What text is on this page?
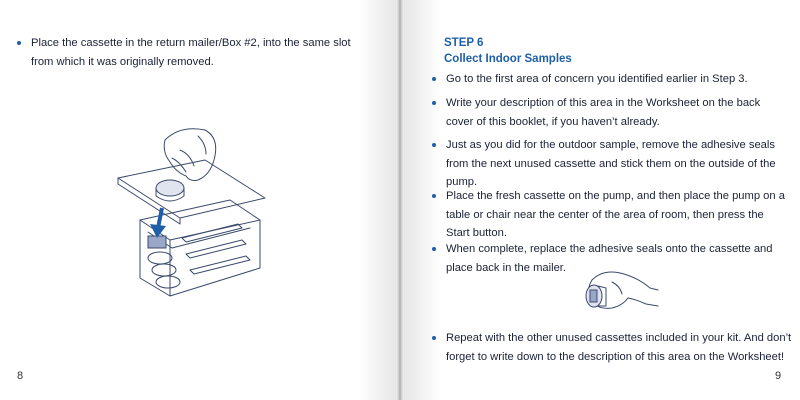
Place the cassette in the return mailer/Box #2, into the same slot from which it was originally removed.

8
STEP 6
Collect Indoor Samples

Go to the first area of concern you identified earlier in Step 3.

Write your description of this area in the Worksheet on the back cover of this booklet, if you haven’t already.

Just as you did for the outdoor sample, remove the adhesive seals from the next unused cassette and stick them on the outside of the pump.

Place the fresh cassette on the pump, and then place the pump on a table or chair near the center of the area of room, then press the Start button.

When complete, replace the adhesive seals onto the cassette and place back in the mailer.

Repeat with the other unused cassettes included in your kit. And don’t forget to write down to the description of this area on the Worksheet!

9
